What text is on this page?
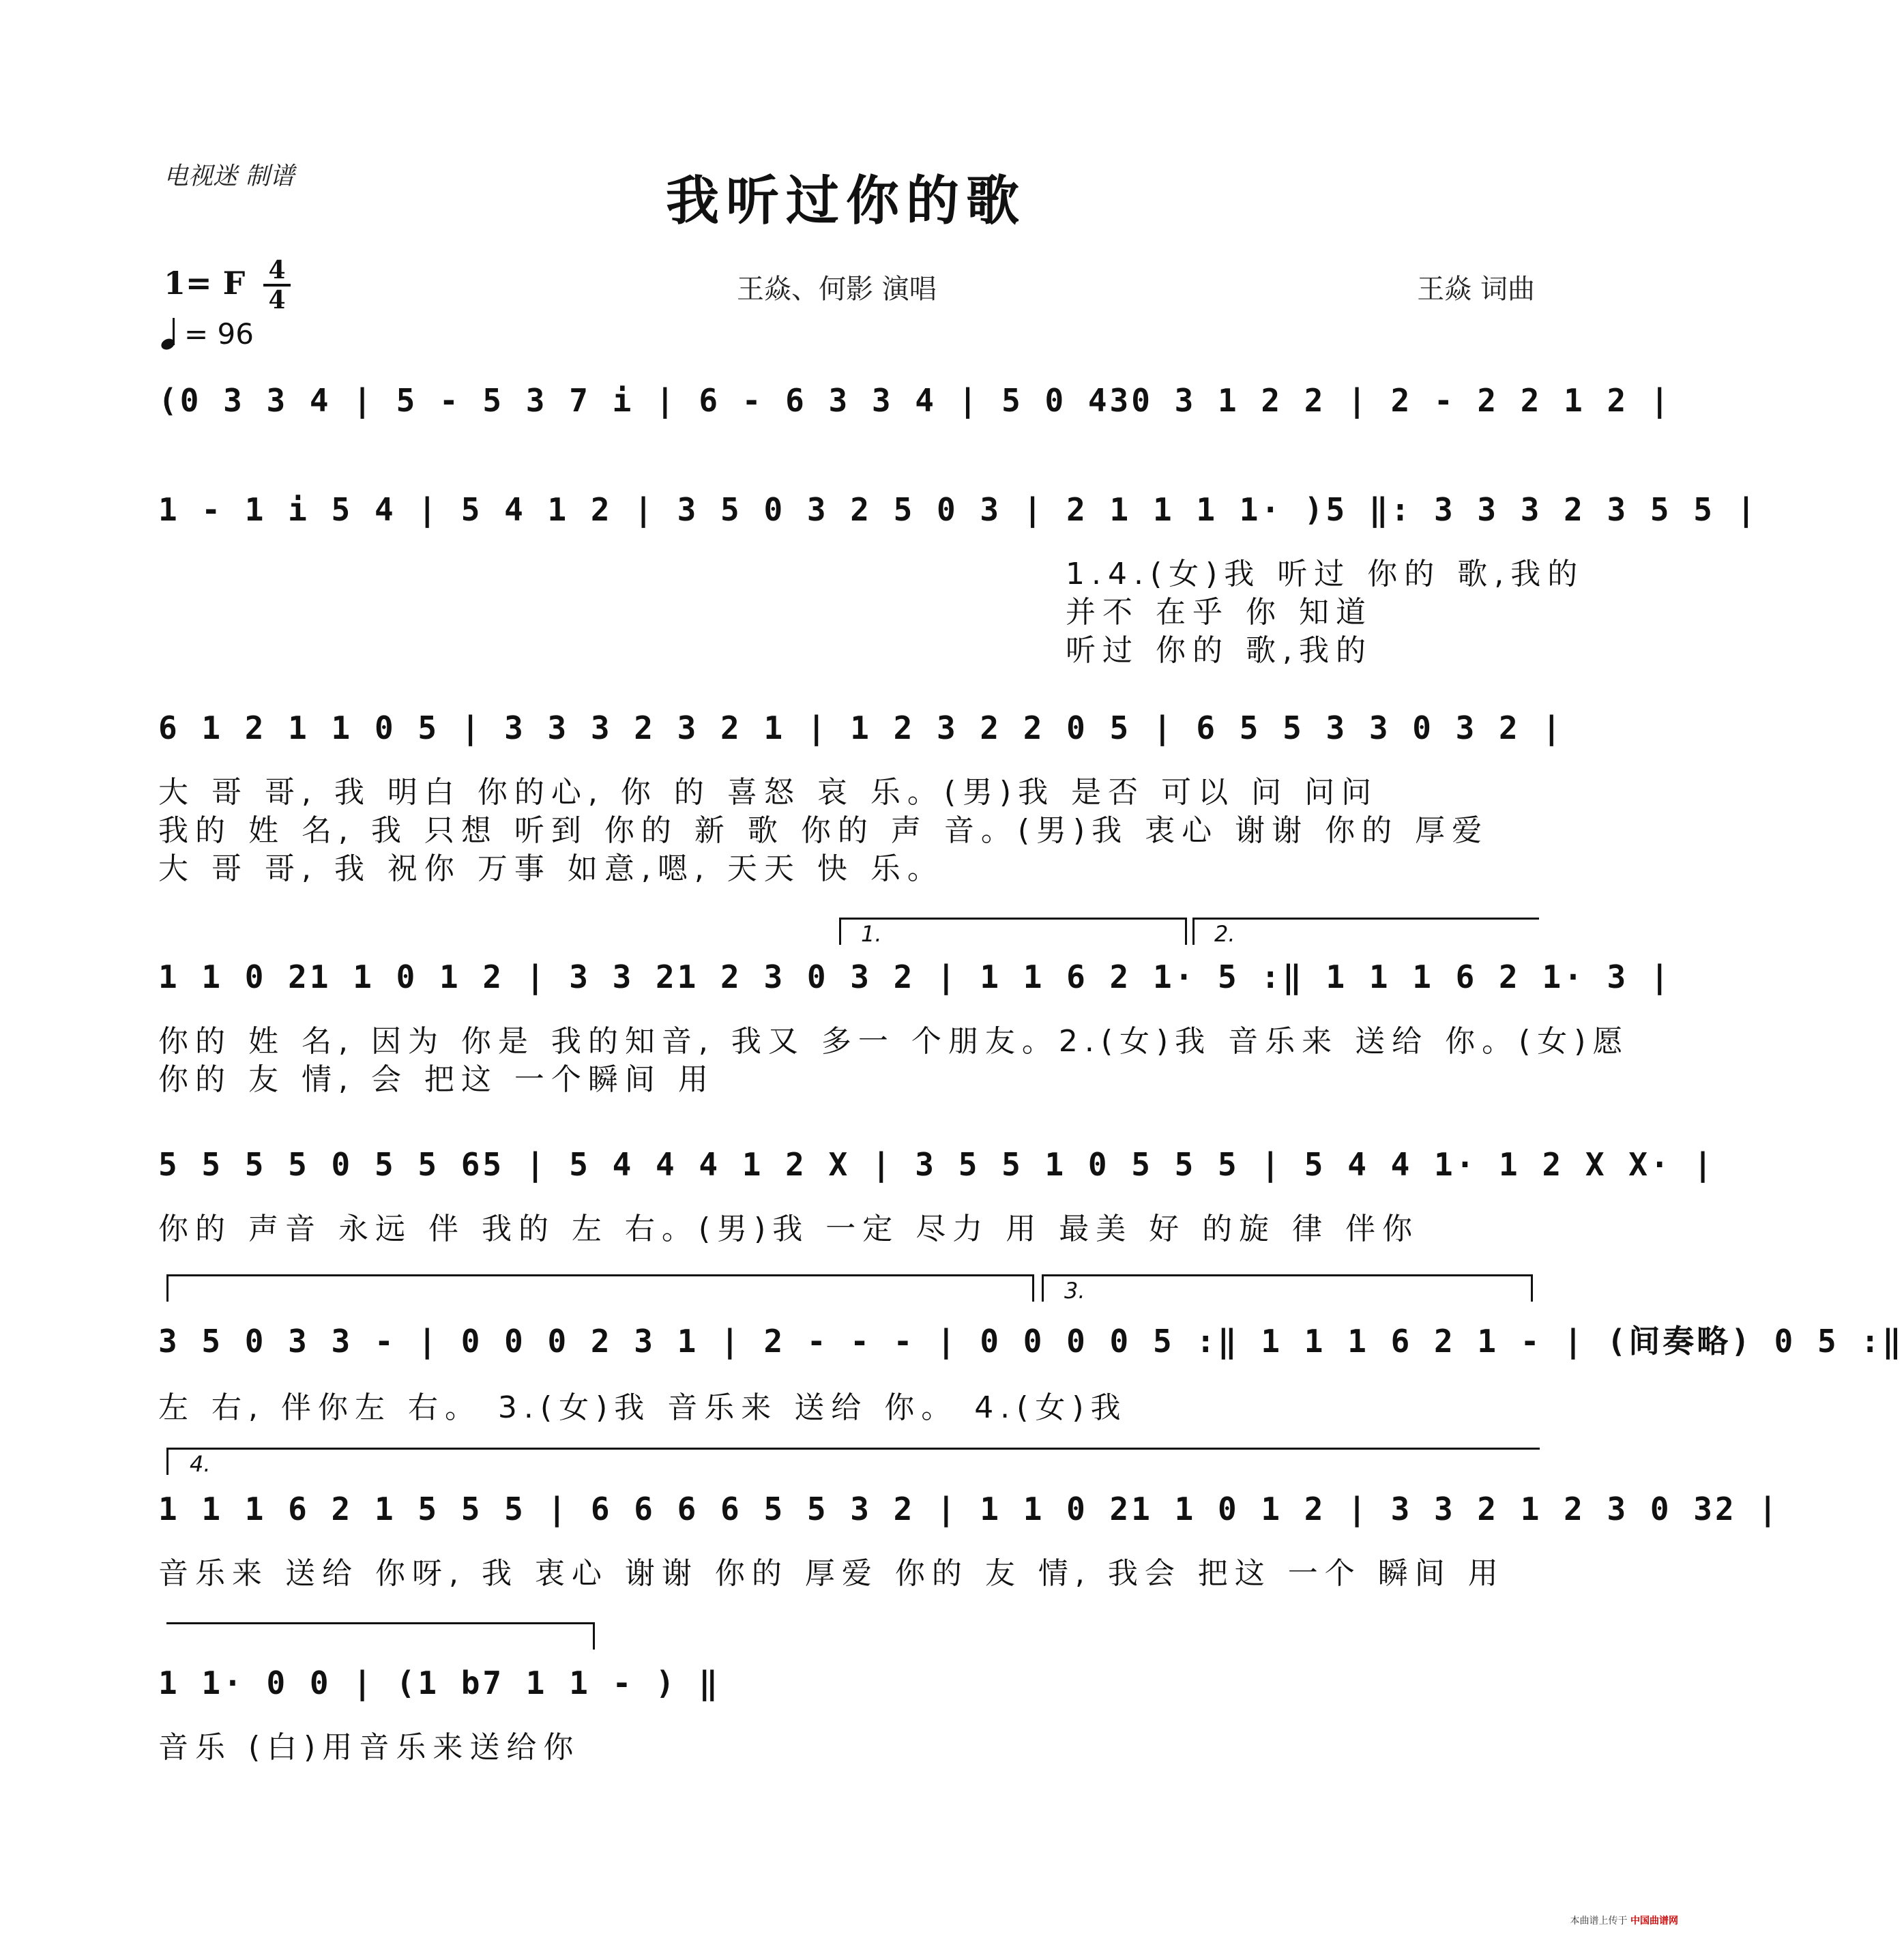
电视迷 制谱	我听过你的歌
1= F 4
4
= 96
王焱、何影 演唱	王焱 词曲
(0 3 3 4 | 5 - 5 3 7 i | 6 - 6 3 3 4 | 5 0 430 3 1 2 2 | 2 - 2 2 1 2 |
1 - 1 i 5 4 | 5 4 1 2 | 3 5 0 3 2 5 0 3 | 2 1 1 1 1· )5 ‖: 3 3 3 2 3 5 5 |
1.4.(女)我 听过 你的 歌,我的
并不 在乎 你 知道
听过 你的 歌,我的
6 1 2 1 1 0 5 | 3 3 3 2 3 2 1 | 1 2 3 2 2 0 5 | 6 5 5 3 3 0 3 2 |
大 哥 哥, 我 明白 你的心, 你 的 喜怒 哀 乐。(男)我 是否 可以 问 问问
我的 姓 名, 我 只想 听到 你的 新 歌 你的 声 音。(男)我 衷心 谢谢 你的 厚爱
大 哥 哥, 我 祝你 万事 如意,嗯, 天天 快 乐。
1.	2.
1 1 0 21 1 0 1 2 | 3 3 21 2 3 0 3 2 | 1 1 6 2 1· 5 :‖ 1 1 1 6 2 1· 3 |
你的 姓 名, 因为 你是 我的知音, 我又 多一 个朋友。2.(女)我 音乐来 送给 你。(女)愿
你的 友 情, 会 把这 一个瞬间 用
5 5 5 5 0 5 5 65 | 5 4 4 4 1 2 X | 3 5 5 1 0 5 5 5 | 5 4 4 1· 1 2 X X· |
你的 声音 永远 伴 我的 左 右。(男)我 一定 尽力 用 最美 好 的旋 律 伴你
3.
3 5 0 3 3 - | 0 0 0 2 3 1 | 2 - - - | 0 0 0 0 5 :‖ 1 1 1 6 2 1 - | (间奏略) 0 5 :‖
左 右, 伴你左 右。 3.(女)我 音乐来 送给 你。 4.(女)我
4.
1 1 1 6 2 1 5 5 5 | 6 6 6 6 5 5 3 2 | 1 1 0 21 1 0 1 2 | 3 3 2 1 2 3 0 32 |
音乐来 送给 你呀, 我 衷心 谢谢 你的 厚爱 你的 友 情, 我会 把这 一个 瞬间 用
1 1· 0 0 | (1 b7 1 1 - ) ‖
音乐 (白)用音乐来送给你
本曲谱上传于 中国曲谱网
